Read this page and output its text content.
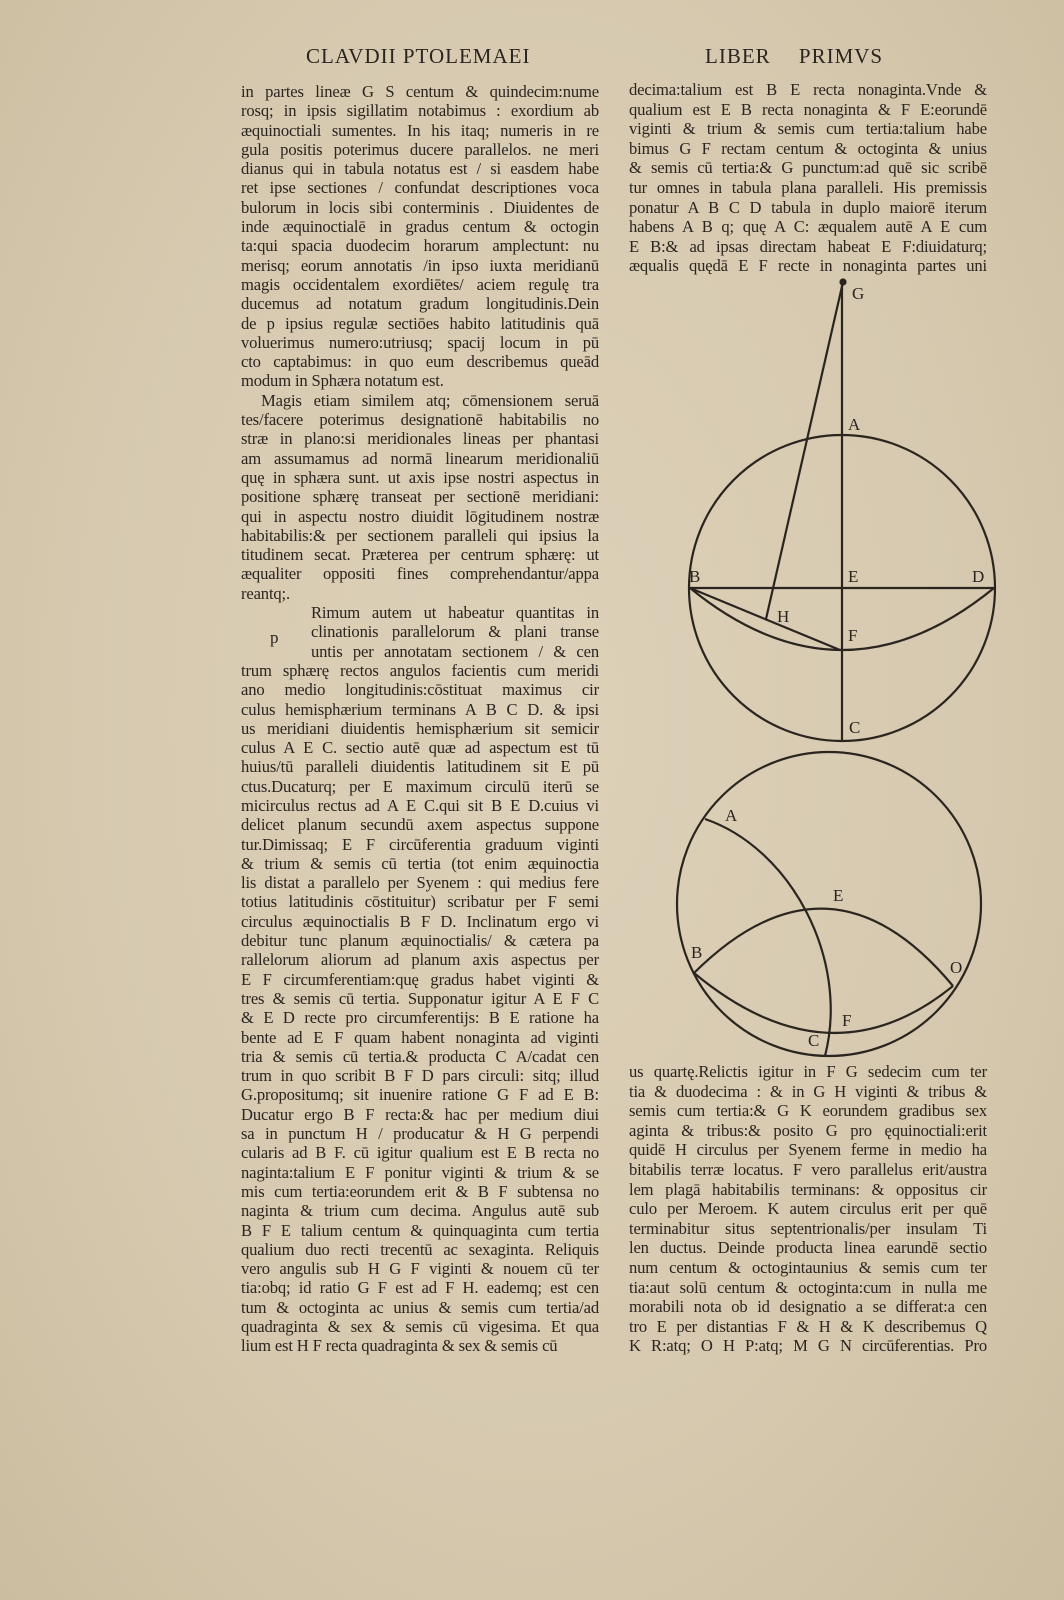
CLAVDII PTOLEMAEI	LIBER PRIMVS
in partes lineæ G S centum & quindecim:nume
rosq; in ipsis sigillatim notabimus : exordium ab
æquinoctiali sumentes. In his itaq; numeris in re
gula positis poterimus ducere parallelos. ne meri
dianus qui in tabula notatus est / si easdem habe
ret ipse sectiones / confundat descriptiones voca
bulorum in locis sibi conterminis . Diuidentes de
inde æquinoctialē in gradus centum & octogin
ta:qui spacia duodecim horarum amplectunt: nu
merisq; eorum annotatis /in ipso iuxta meridianū
magis occidentalem exordiētes/ aciem regulę tra
ducemus ad notatum gradum longitudinis.Dein
de p ipsius regulæ sectiōes habito latitudinis quā
voluerimus numero:utriusq; spacij locum in pū
cto captabimus: in quo eum describemus queād
modum in Sphæra notatum est.
Magis etiam similem atq; cōmensionem seruā
tes/facere poterimus designationē habitabilis no
stræ in plano:si meridionales lineas per phantasi
am assumamus ad normā linearum meridionaliū
quę in sphæra sunt. ut axis ipse nostri aspectus in
positione sphærę transeat per sectionē meridiani:
qui in aspectu nostro diuidit lōgitudinem nostræ
habitabilis:& per sectionem paralleli qui ipsius la
titudinem secat. Præterea per centrum sphærę: ut
æqualiter oppositi fines comprehendantur/appa
reantq;.
Rimum autem ut habeatur quantitas in
clinationis parallelorum & plani transe
untis per annotatam sectionem / & cen
trum sphærę rectos angulos facientis cum meridi
ano medio longitudinis:cōstituat maximus cir
culus hemisphærium terminans A B C D. & ipsi
us meridiani diuidentis hemisphærium sit semicir
culus A E C. sectio autē quæ ad aspectum est tū
huius/tū paralleli diuidentis latitudinem sit E pū
ctus.Ducaturq; per E maximum circulū iterū se
micirculus rectus ad A E C.qui sit B E D.cuius vi
delicet planum secundū axem aspectus suppone
tur.Dimissaq; E F circūferentia graduum viginti
& trium & semis cū tertia (tot enim æquinoctia
lis distat a parallelo per Syenem : qui medius fere
totius latitudinis cōstituitur) scribatur per F semi
circulus æquinoctialis B F D. Inclinatum ergo vi
debitur tunc planum æquinoctialis/ & cætera pa
rallelorum aliorum ad planum axis aspectus per
E F circumferentiam:quę gradus habet viginti &
tres & semis cū tertia. Supponatur igitur A E F C
& E D recte pro circumferentijs: B E ratione ha
bente ad E F quam habent nonaginta ad viginti
tria & semis cū tertia.& producta C A/cadat cen
trum in quo scribit B F D pars circuli: sitq; illud
G.propositumq; sit inuenire ratione G F ad E B:
Ducatur ergo B F recta:& hac per medium diui
sa in punctum H / producatur & H G perpendi
cularis ad B F. cū igitur qualium est E B recta no
naginta:talium E F ponitur viginti & trium & se
mis cum tertia:eorundem erit & B F subtensa no
naginta & trium cum decima. Angulus autē sub
B F E talium centum & quinquaginta cum tertia
qualium duo recti trecentū ac sexaginta. Reliquis
vero angulis sub H G F viginti & nouem cū ter
tia:obq; id ratio G F est ad F H. eademq; est cen
tum & octoginta ac unius & semis cum tertia/ad
quadraginta & sex & semis cū vigesima. Et qua
lium est H F recta quadraginta & sex & semis cū
p
decima:talium est B E recta nonaginta.Vnde &
qualium est E B recta nonaginta & F E:eorundē
viginti & trium & semis cum tertia:talium habe
bimus G F rectam centum & octoginta & unius
& semis cū tertia:& G punctum:ad quē sic scribē
tur omnes in tabula plana paralleli. His premissis
ponatur A B C D tabula in duplo maiorē iterum
habens A B q; quę A C: æqualem autē A E cum
E B:& ad ipsas directam habeat E F:diuidaturq;
æqualis quędā E F recte in nonaginta partes uni
us quartę.Relictis igitur in F G sedecim cum ter
tia & duodecima : & in G H viginti & tribus &
semis cum tertia:& G K eorundem gradibus sex
aginta & tribus:& posito G pro ęquinoctiali:erit
quidē H circulus per Syenem ferme in medio ha
bitabilis terræ locatus. F vero parallelus erit/austra
lem plagā habitabilis terminans: & oppositus cir
culo per Meroem. K autem circulus erit per quē
terminabitur situs septentrionalis/per insulam Ti
len ductus. Deinde producta linea earundē sectio
num centum & octogintaunius & semis cum ter
tia:aut solū centum & octoginta:cum in nulla me
morabili nota ob id designatio a se differat:a cen
tro E per distantias F & H & K describemus Q
K R:atq; O H P:atq; M G N circūferentias. Pro
G
A
B	E	D
H
F
C
A
E
B
O
F
C
